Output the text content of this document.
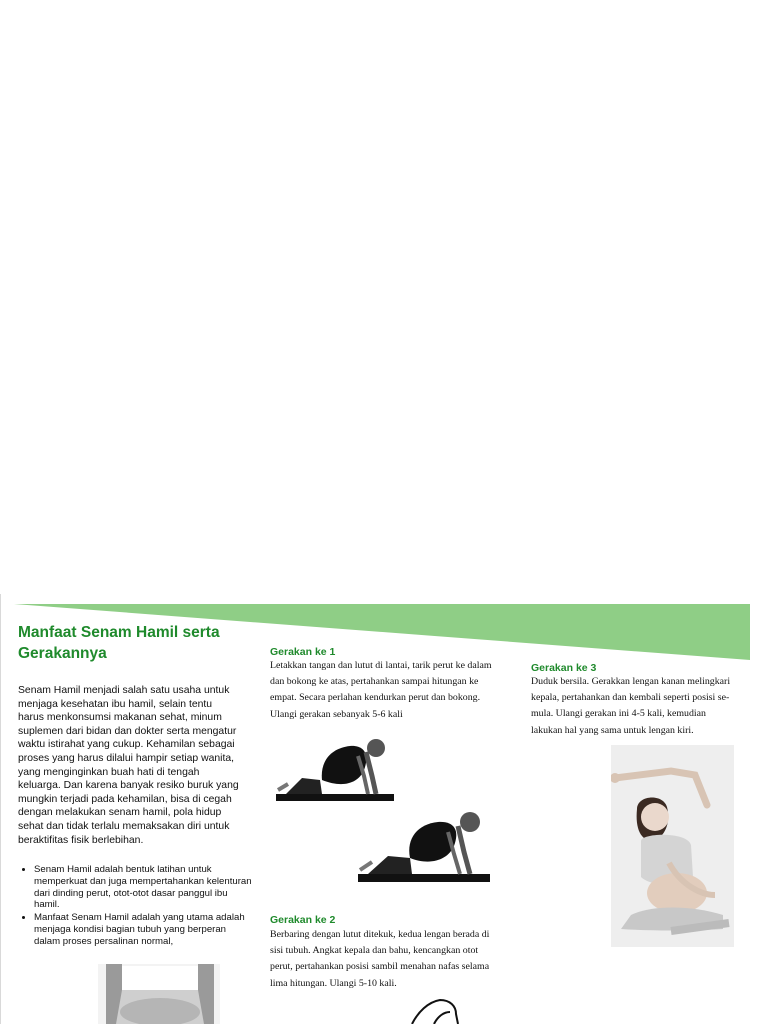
Manfaat Senam Hamil serta Gerakannya

Senam Hamil menjadi salah satu usaha untuk menjaga kesehatan ibu hamil, selain tentu harus menkonsumsi makanan sehat, minum suplemen dari bidan dan dokter serta mengatur waktu istirahat yang cukup. Kehamilan sebagai proses yang harus dilalui hampir setiap wanita, yang menginginkan buah hati di tengah keluarga. Dan karena banyak resiko buruk yang mungkin terjadi pada kehamilan, bisa di cegah dengan melakukan senam hamil, pola hidup sehat dan tidak terlalu memaksakan diri untuk beraktifitas fisik berlebihan.

• Senam Hamil adalah bentuk latihan untuk memperkuat dan juga mempertahankan kelenturan dari dinding perut, otot-otot dasar panggul ibu hamil.
• Manfaat Senam Hamil adalah yang utama adalah menjaga kondisi bagian tubuh yang berperan dalam proses persalinan normal,
Gerakan ke 1

Letakkan tangan dan lutut di lantai, tarik perut ke dalam dan bokong ke atas, pertahankan sampai hitungan ke empat. Secara perlahan kendurkan perut dan bokong. Ulangi gerakan sebanyak 5-6 kali

Gerakan ke 3

Duduk bersila. Gerakkan lengan kanan melingkari kepala, pertahankan dan kembali seperti posisi se-mula. Ulangi gerakan ini 4-5 kali, kemudian lakukan hal yang sama untuk lengan kiri.

Gerakan ke 2

Berbaring dengan lutut ditekuk, kedua lengan berada di sisi tubuh. Angkat kepala dan bahu, kencangkan otot perut, pertahankan posisi sambil menahan nafas selama lima hitungan. Ulangi 5-10 kali.
